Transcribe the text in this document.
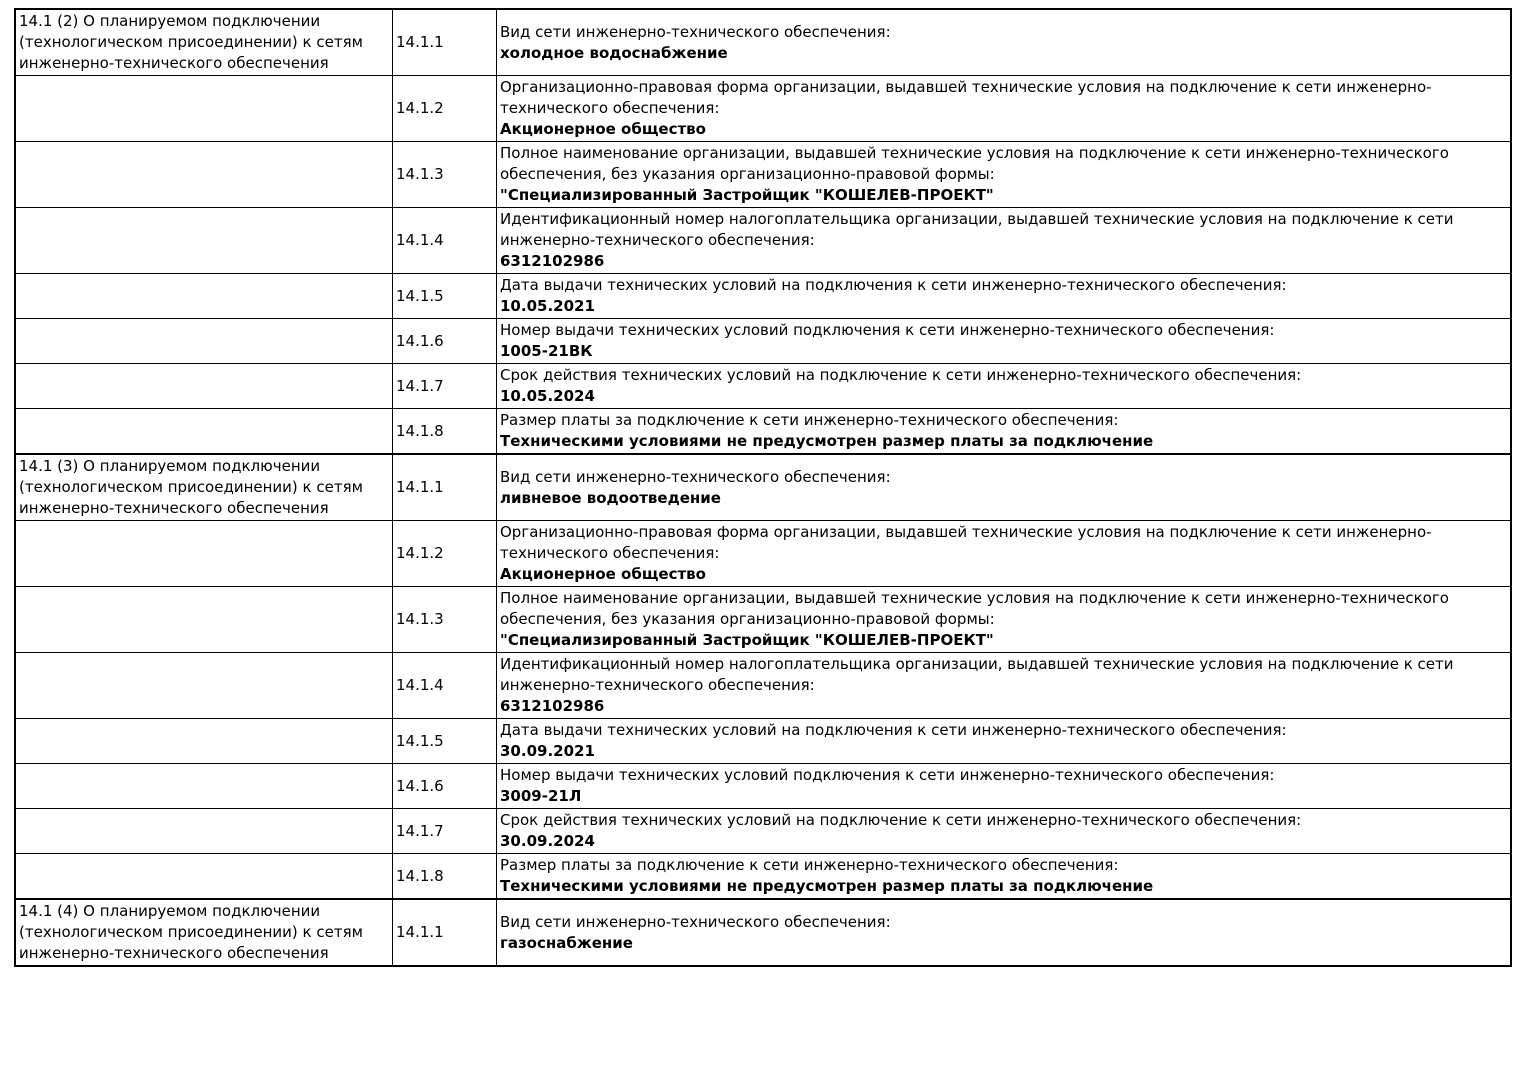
14.1 (2) О планируемом подключении (технологическом присоединении) к сетям инженерно-технического обеспечения	14.1.1	Вид сети инженерно-технического обеспечения:
холодное водоснабжение

	14.1.2	Организационно-правовая форма организации, выдавшей технические условия на подключение к сети инженерно-технического обеспечения:
Акционерное общество

	14.1.3	Полное наименование организации, выдавшей технические условия на подключение к сети инженерно-технического обеспечения, без указания организационно-правовой формы:
"Специализированный Застройщик "КОШЕЛЕВ-ПРОЕКТ"

	14.1.4	Идентификационный номер налогоплательщика организации, выдавшей технические условия на подключение к сети инженерно-технического обеспечения:
6312102986

	14.1.5	Дата выдачи технических условий на подключения к сети инженерно-технического обеспечения:
10.05.2021

	14.1.6	Номер выдачи технических условий подключения к сети инженерно-технического обеспечения:
1005-21ВК

	14.1.7	Срок действия технических условий на подключение к сети инженерно-технического обеспечения:
10.05.2024

	14.1.8	Размер платы за подключение к сети инженерно-технического обеспечения:
Техническими условиями не предусмотрен размер платы за подключение

14.1 (3) О планируемом подключении (технологическом присоединении) к сетям инженерно-технического обеспечения	14.1.1	Вид сети инженерно-технического обеспечения:
ливневое водоотведение

	14.1.2	Организационно-правовая форма организации, выдавшей технические условия на подключение к сети инженерно-технического обеспечения:
Акционерное общество

	14.1.3	Полное наименование организации, выдавшей технические условия на подключение к сети инженерно-технического обеспечения, без указания организационно-правовой формы:
"Специализированный Застройщик "КОШЕЛЕВ-ПРОЕКТ"

	14.1.4	Идентификационный номер налогоплательщика организации, выдавшей технические условия на подключение к сети инженерно-технического обеспечения:
6312102986

	14.1.5	Дата выдачи технических условий на подключения к сети инженерно-технического обеспечения:
30.09.2021

	14.1.6	Номер выдачи технических условий подключения к сети инженерно-технического обеспечения:
3009-21Л

	14.1.7	Срок действия технических условий на подключение к сети инженерно-технического обеспечения:
30.09.2024

	14.1.8	Размер платы за подключение к сети инженерно-технического обеспечения:
Техническими условиями не предусмотрен размер платы за подключение

14.1 (4) О планируемом подключении (технологическом присоединении) к сетям инженерно-технического обеспечения	14.1.1	Вид сети инженерно-технического обеспечения:
газоснабжение
